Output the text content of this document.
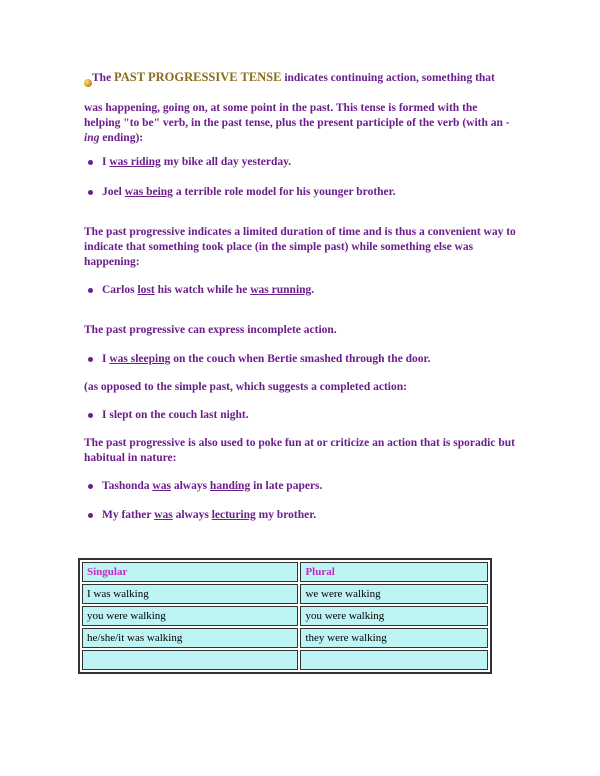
The PAST PROGRESSIVE TENSE indicates continuing action, something that
was happening, going on, at some point in the past. This tense is formed with the helping "to be" verb, in the past tense, plus the present participle of the verb (with an -ing ending):
I was riding my bike all day yesterday.
Joel was being a terrible role model for his younger brother.
The past progressive indicates a limited duration of time and is thus a convenient way to indicate that something took place (in the simple past) while something else was happening:
Carlos lost his watch while he was running.
The past progressive can express incomplete action.
I was sleeping on the couch when Bertie smashed through the door.
(as opposed to the simple past, which suggests a completed action:
I slept on the couch last night.
The past progressive is also used to poke fun at or criticize an action that is sporadic but habitual in nature:
Tashonda was always handing in late papers.
My father was always lecturing my brother.
Singular	Plural
I was walking	we were walking
you were walking	you were walking
he/she/it was walking	they were walking
